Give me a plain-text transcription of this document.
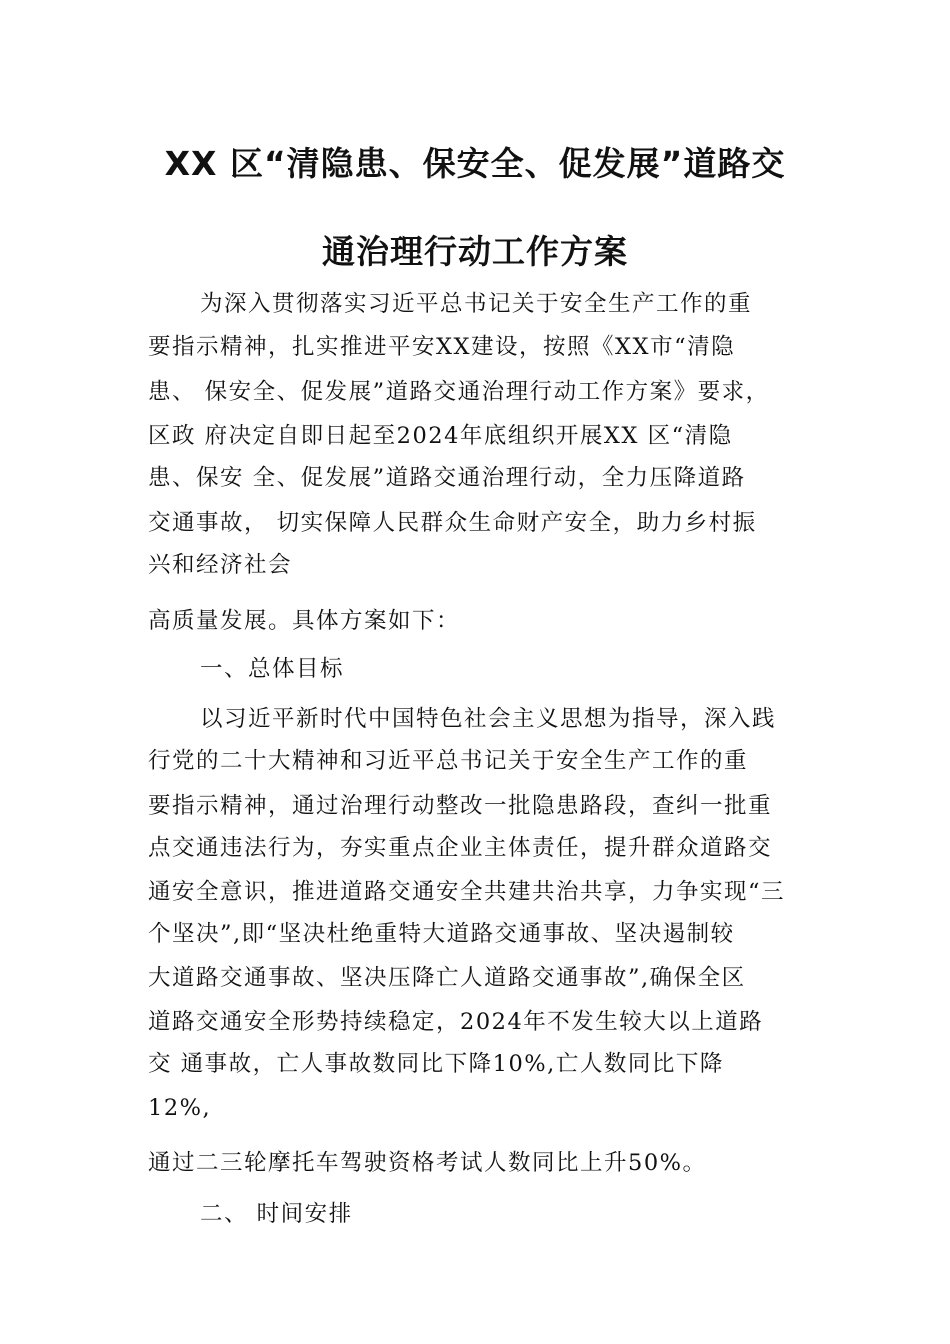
XX 区“清隐患、保安全、促发展”道路交
通治理行动工作方案
为深入贯彻落实习近平总书记关于安全生产工作的重
要指示精神，扎实推进平安XX建设，按照《XX市“清隐
患、 保安全、促发展”道路交通治理行动工作方案》要求，
区政 府决定自即日起至2024年底组织开展XX 区“清隐
患、保安 全、促发展”道路交通治理行动，全力压降道路
交通事故， 切实保障人民群众生命财产安全，助力乡村振
兴和经济社会
高质量发展。具体方案如下：
一、总体目标
以习近平新时代中国特色社会主义思想为指导，深入践
行党的二十大精神和习近平总书记关于安全生产工作的重
要指示精神，通过治理行动整改一批隐患路段，查纠一批重
点交通违法行为，夯实重点企业主体责任，提升群众道路交
通安全意识，推进道路交通安全共建共治共享，力争实现“三
个坚决”,即“坚决杜绝重特大道路交通事故、坚决遏制较
大道路交通事故、坚决压降亡人道路交通事故”,确保全区
道路交通安全形势持续稳定，2024年不发生较大以上道路
交 通事故，亡人事故数同比下降10%,亡人数同比下降
12%,
通过二三轮摩托车驾驶资格考试人数同比上升50%。
二、 时间安排
